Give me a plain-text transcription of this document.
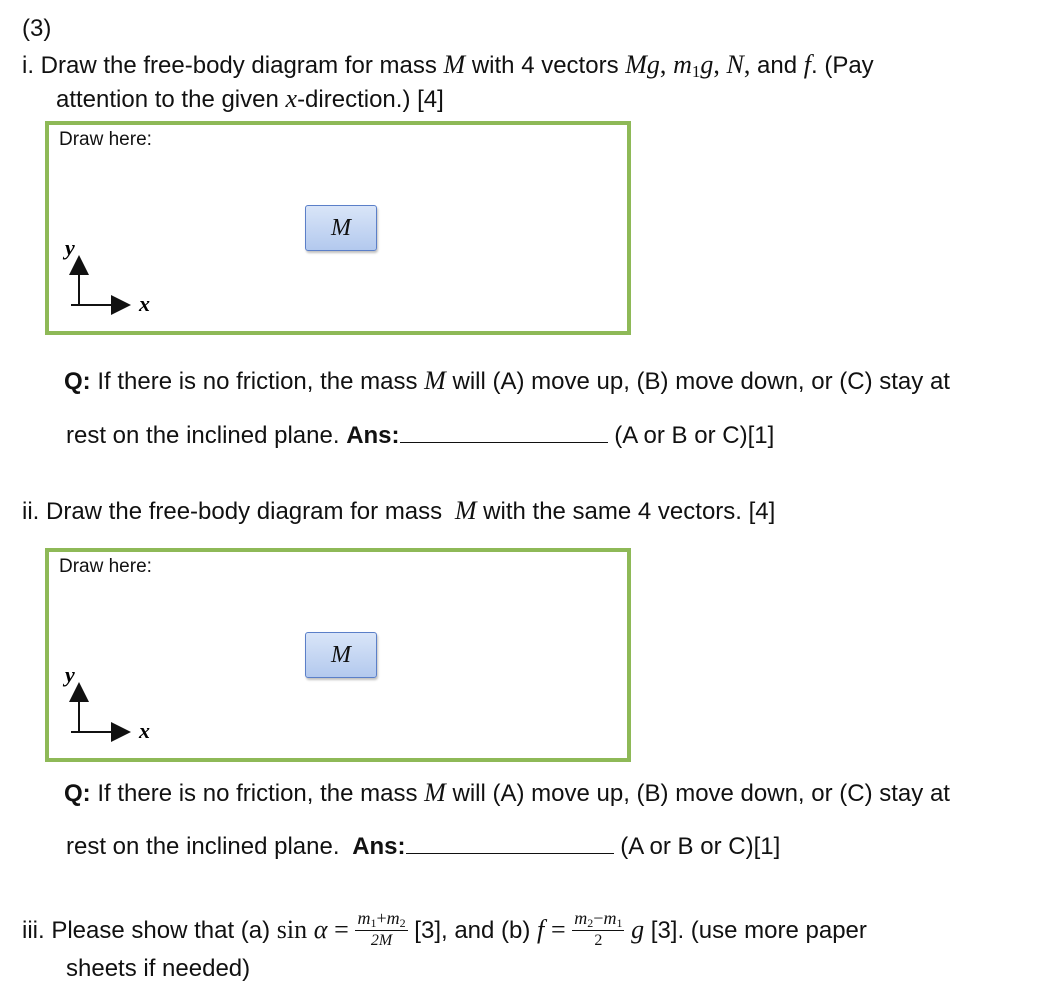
(3)
i. Draw the free-body diagram for mass M with 4 vectors Mg, m1g, N, and f. (Pay
attention to the given x-direction.) [4]
Draw here:
M
y
x
Q: If there is no friction, the mass M will (A) move up, (B) move down, or (C) stay at
rest on the inclined plane. Ans:	(A or B or C)[1]
ii. Draw the free-body diagram for mass M with the same 4 vectors. [4]
Draw here:
M
y
x
Q: If there is no friction, the mass M will (A) move up, (B) move down, or (C) stay at
rest on the inclined plane. Ans:	(A or B or C)[1]
iii. Please show that (a) $\sin \alpha = \frac{m1+m2}{2M} [3]$, and (b) $f = \frac{m2-m1}{2}$ g [3]. (use more paper
sheets if needed)
